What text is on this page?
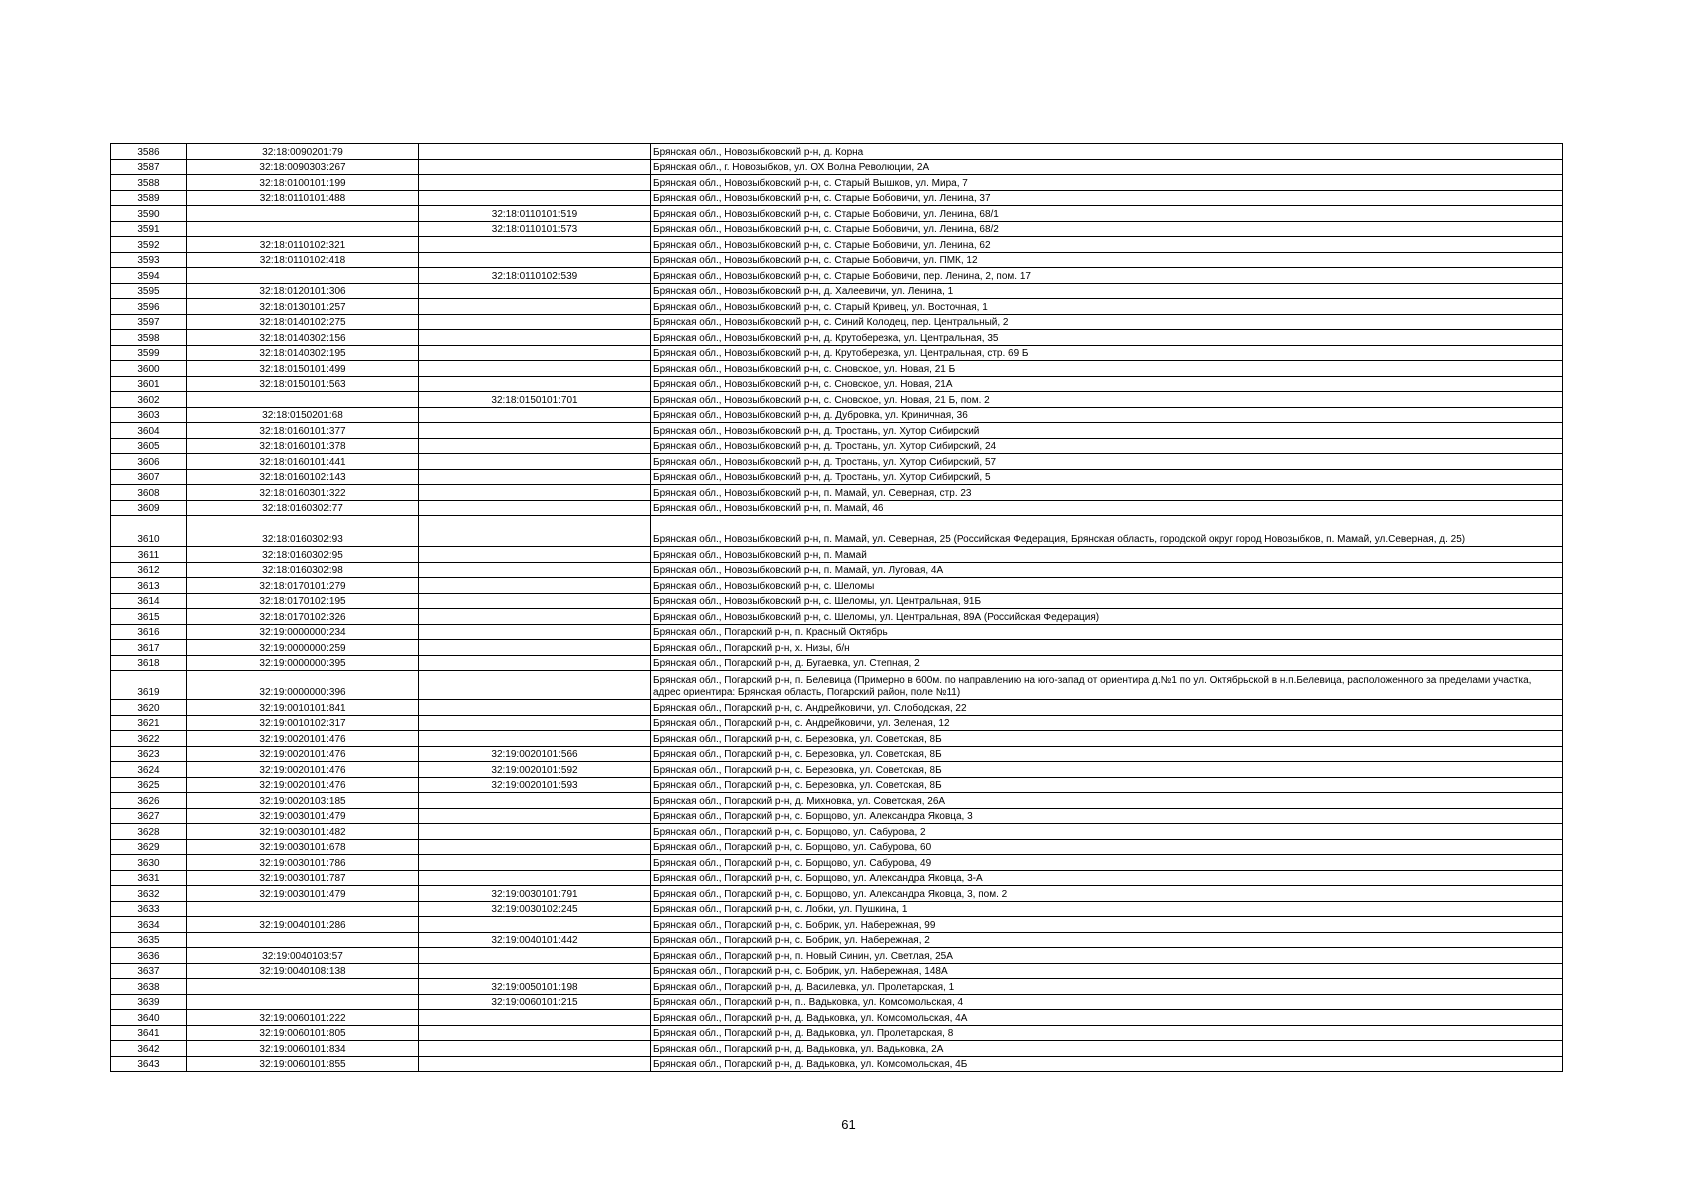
3586	32:18:0090201:79		Брянская обл., Новозыбковский р-н, д. Корна
3587	32:18:0090303:267		Брянская обл., г. Новозыбков, ул. ОХ Волна Революции, 2А
3588	32:18:0100101:199		Брянская обл., Новозыбковский р-н, с. Старый Вышков, ул. Мира, 7
3589	32:18:0110101:488		Брянская обл., Новозыбковский р-н, с. Старые Бобовичи, ул. Ленина, 37
3590		32:18:0110101:519	Брянская обл., Новозыбковский р-н, с. Старые Бобовичи, ул. Ленина, 68/1
3591		32:18:0110101:573	Брянская обл., Новозыбковский р-н, с. Старые Бобовичи, ул. Ленина, 68/2
3592	32:18:0110102:321		Брянская обл., Новозыбковский р-н, с. Старые Бобовичи, ул. Ленина, 62
3593	32:18:0110102:418		Брянская обл., Новозыбковский р-н, с. Старые Бобовичи, ул. ПМК, 12
3594		32:18:0110102:539	Брянская обл., Новозыбковский р-н, с. Старые Бобовичи, пер. Ленина, 2, пом. 17
3595	32:18:0120101:306		Брянская обл., Новозыбковский р-н, д. Халеевичи, ул. Ленина, 1
3596	32:18:0130101:257		Брянская обл., Новозыбковский р-н, с. Старый Кривец, ул. Восточная, 1
3597	32:18:0140102:275		Брянская обл., Новозыбковский р-н, с. Синий Колодец, пер. Центральный, 2
3598	32:18:0140302:156		Брянская обл., Новозыбковский р-н, д. Крутоберезка, ул. Центральная, 35
3599	32:18:0140302:195		Брянская обл., Новозыбковский р-н, д. Крутоберезка, ул. Центральная, стр. 69 Б
3600	32:18:0150101:499		Брянская обл., Новозыбковский р-н, с. Сновское, ул. Новая, 21 Б
3601	32:18:0150101:563		Брянская обл., Новозыбковский р-н, с. Сновское, ул. Новая, 21А
3602		32:18:0150101:701	Брянская обл., Новозыбковский р-н, с. Сновское, ул. Новая, 21 Б, пом. 2
3603	32:18:0150201:68		Брянская обл., Новозыбковский р-н, д. Дубровка, ул. Криничная, 36
3604	32:18:0160101:377		Брянская обл., Новозыбковский р-н, д. Тростань, ул. Хутор Сибирский
3605	32:18:0160101:378		Брянская обл., Новозыбковский р-н, д. Тростань, ул. Хутор Сибирский, 24
3606	32:18:0160101:441		Брянская обл., Новозыбковский р-н, д. Тростань, ул. Хутор Сибирский, 57
3607	32:18:0160102:143		Брянская обл., Новозыбковский р-н, д. Тростань, ул. Хутор Сибирский, 5
3608	32:18:0160301:322		Брянская обл., Новозыбковский р-н, п. Мамай, ул. Северная, стр. 23
3609	32:18:0160302:77		Брянская обл., Новозыбковский р-н, п. Мамай, 46
3610	32:18:0160302:93		Брянская обл., Новозыбковский р-н, п. Мамай, ул. Северная, 25 (Российская Федерация, Брянская область, городской округ город Новозыбков, п. Мамай, ул.Северная, д. 25)
3611	32:18:0160302:95		Брянская обл., Новозыбковский р-н, п. Мамай
3612	32:18:0160302:98		Брянская обл., Новозыбковский р-н, п. Мамай, ул. Луговая, 4А
3613	32:18:0170101:279		Брянская обл., Новозыбковский р-н, с. Шеломы
3614	32:18:0170102:195		Брянская обл., Новозыбковский р-н, с. Шеломы, ул. Центральная, 91Б
3615	32:18:0170102:326		Брянская обл., Новозыбковский р-н, с. Шеломы, ул. Центральная, 89А (Российская Федерация)
3616	32:19:0000000:234		Брянская обл., Погарский р-н, п. Красный Октябрь
3617	32:19:0000000:259		Брянская обл., Погарский р-н, х. Низы, б/н
3618	32:19:0000000:395		Брянская обл., Погарский р-н, д. Бугаевка, ул. Степная, 2
3619	32:19:0000000:396		Брянская обл., Погарский р-н, п. Белевица (Примерно в 600м. по направлению на юго-запад от ориентира д.№1 по ул. Октябрьской в н.п.Белевица, расположенного за пределами участка, адрес ориентира: Брянская область, Погарский район, поле №11)
3620	32:19:0010101:841		Брянская обл., Погарский р-н, с. Андрейковичи, ул. Слободская, 22
3621	32:19:0010102:317		Брянская обл., Погарский р-н, с. Андрейковичи, ул. Зеленая, 12
3622	32:19:0020101:476		Брянская обл., Погарский р-н, с. Березовка, ул. Советская, 8Б
3623	32:19:0020101:476	32:19:0020101:566	Брянская обл., Погарский р-н, с. Березовка, ул. Советская, 8Б
3624	32:19:0020101:476	32:19:0020101:592	Брянская обл., Погарский р-н, с. Березовка, ул. Советская, 8Б
3625	32:19:0020101:476	32:19:0020101:593	Брянская обл., Погарский р-н, с. Березовка, ул. Советская, 8Б
3626	32:19:0020103:185		Брянская обл., Погарский р-н, д. Михновка, ул. Советская, 26А
3627	32:19:0030101:479		Брянская обл., Погарский р-н, с. Борщово, ул. Александра Яковца, 3
3628	32:19:0030101:482		Брянская обл., Погарский р-н, с. Борщово, ул. Сабурова, 2
3629	32:19:0030101:678		Брянская обл., Погарский р-н, с. Борщово, ул. Сабурова, 60
3630	32:19:0030101:786		Брянская обл., Погарский р-н, с. Борщово, ул. Сабурова, 49
3631	32:19:0030101:787		Брянская обл., Погарский р-н, с. Борщово, ул. Александра Яковца, 3-А
3632	32:19:0030101:479	32:19:0030101:791	Брянская обл., Погарский р-н, с. Борщово, ул. Александра Яковца, 3, пом. 2
3633		32:19:0030102:245	Брянская обл., Погарский р-н, с. Лобки, ул. Пушкина, 1
3634	32:19:0040101:286		Брянская обл., Погарский р-н, с. Бобрик, ул. Набережная, 99
3635		32:19:0040101:442	Брянская обл., Погарский р-н, с. Бобрик, ул. Набережная, 2
3636	32:19:0040103:57		Брянская обл., Погарский р-н, п. Новый Синин, ул. Светлая, 25А
3637	32:19:0040108:138		Брянская обл., Погарский р-н, с. Бобрик, ул. Набережная, 148А
3638		32:19:0050101:198	Брянская обл., Погарский р-н, д. Василевка, ул. Пролетарская, 1
3639		32:19:0060101:215	Брянская обл., Погарский р-н, п.. Вадьковка, ул. Комсомольская, 4
3640	32:19:0060101:222		Брянская обл., Погарский р-н, д. Вадьковка, ул. Комсомольская, 4А
3641	32:19:0060101:805		Брянская обл., Погарский р-н, д. Вадьковка, ул. Пролетарская, 8
3642	32:19:0060101:834		Брянская обл., Погарский р-н, д. Вадьковка, ул. Вадьковка, 2А
3643	32:19:0060101:855		Брянская обл., Погарский р-н, д. Вадьковка, ул. Комсомольская, 4Б
61
